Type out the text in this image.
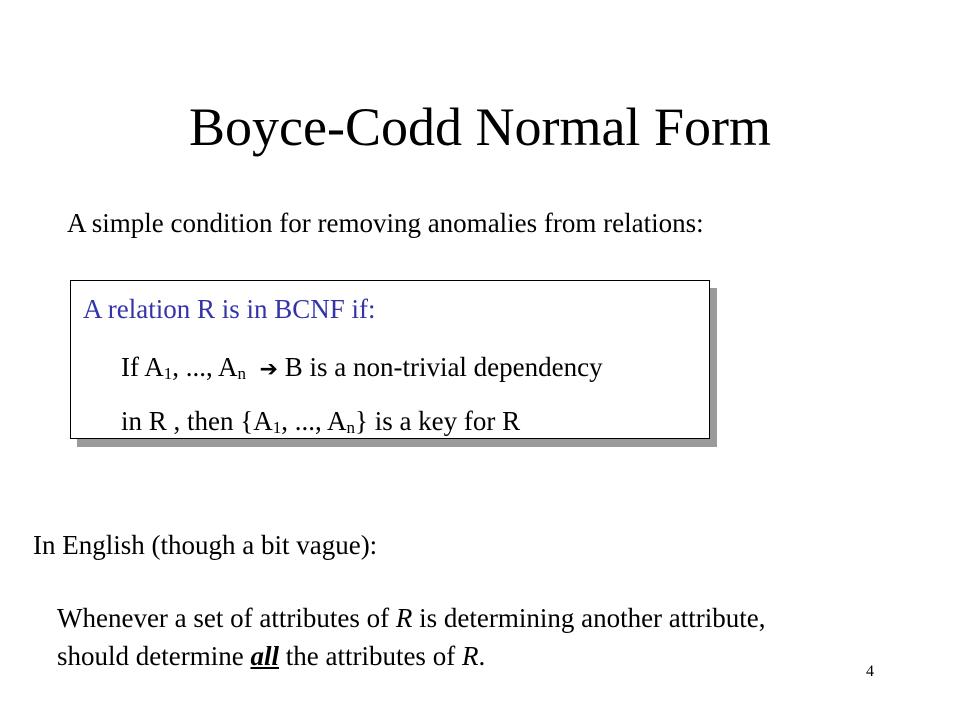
Boyce-Codd Normal Form
A simple condition for removing anomalies from relations:
A relation R is in BCNF if:
If $A_1$, ..., $A_n$ ➔ B is a non-trivial dependency
in R , then {$A_1$, ..., $A_n$} is a key for R
In English (though a bit vague):
Whenever a set of attributes of R is determining another attribute,
should determine all the attributes of R.
4
